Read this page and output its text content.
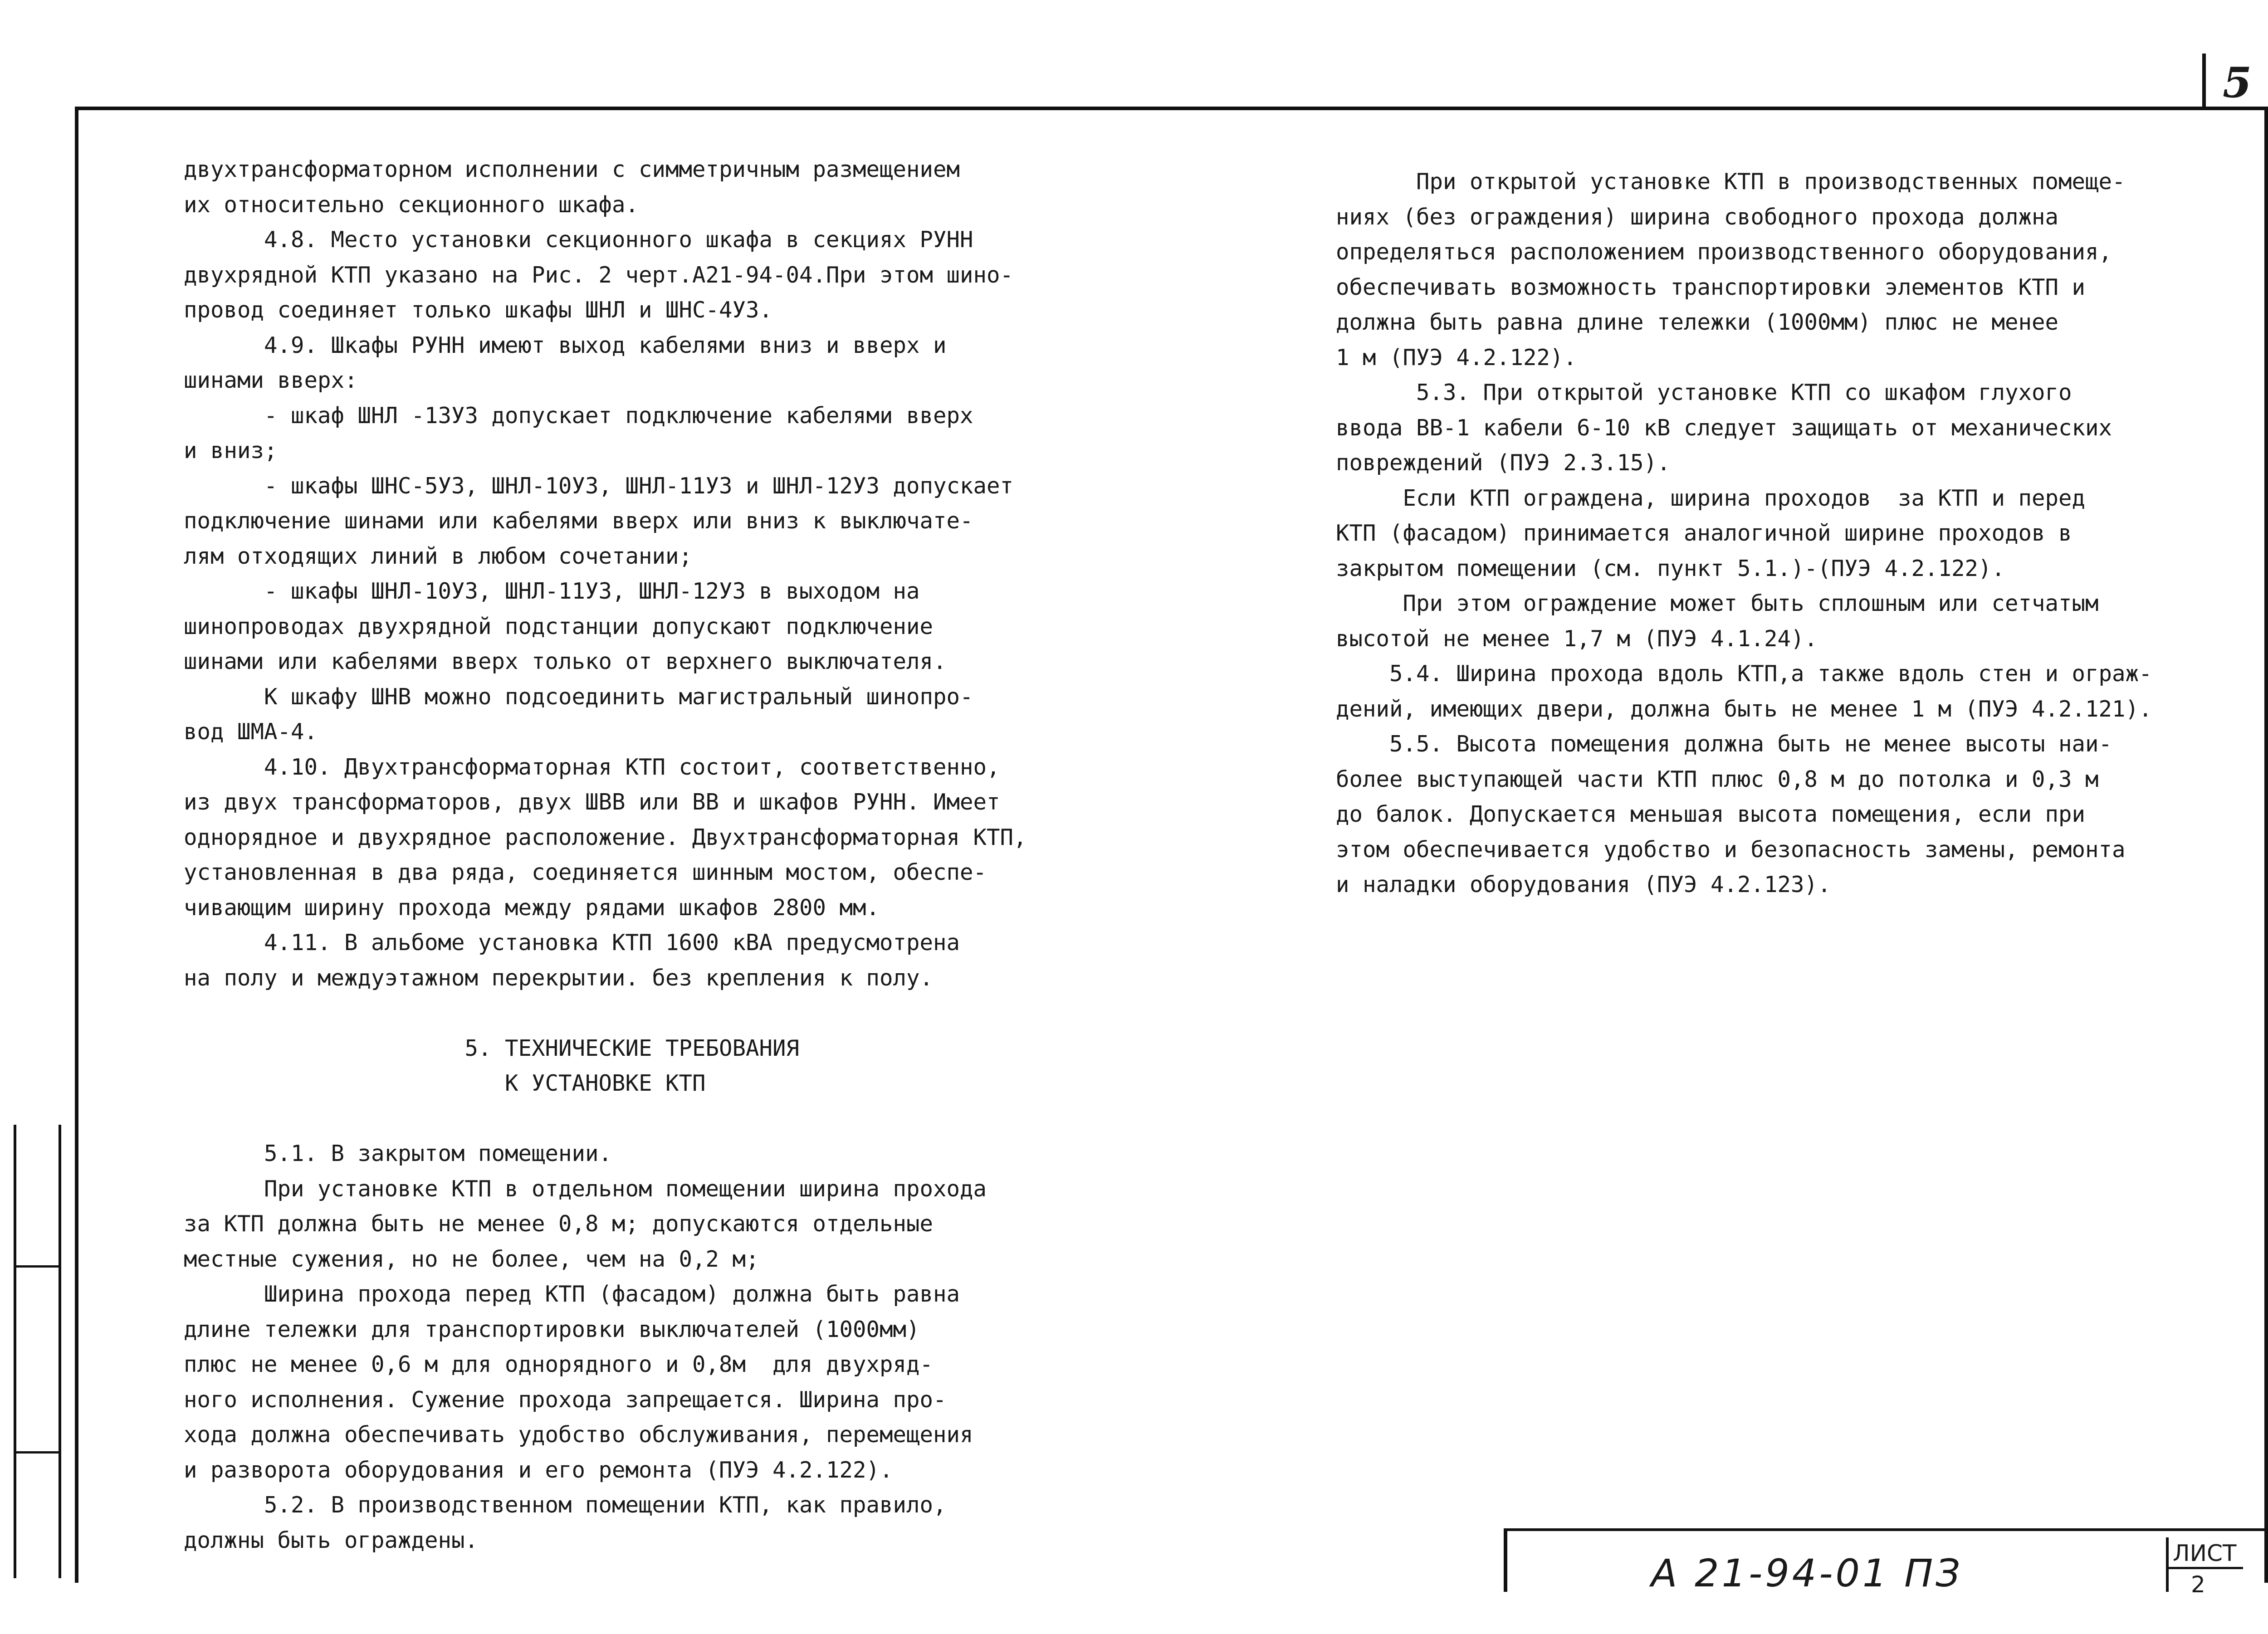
5

двухтрансформаторном исполнении с симметричным размещением

их относительно секционного шкафа.

4.8. Место установки секционного шкафа в секциях РУНН

двухрядной КТП указано на Рис. 2 черт.А21-94-04.При этом шино-

провод соединяет только шкафы ШНЛ и ШНС-4У3.

4.9. Шкафы РУНН имеют выход кабелями вниз и вверх и

шинами вверх:

- шкаф ШНЛ -13У3 допускает подключение кабелями вверх

и вниз;

- шкафы ШНС-5У3, ШНЛ-10У3, ШНЛ-11У3 и ШНЛ-12У3 допускает

подключение шинами или кабелями вверх или вниз к выключате-

лям отходящих линий в любом сочетании;

- шкафы ШНЛ-10У3, ШНЛ-11У3, ШНЛ-12У3 в выходом на

шинопроводах двухрядной подстанции допускают подключение

шинами или кабелями вверх только от верхнего выключателя.

К шкафу ШНВ можно подсоединить магистральный шинопро-

вод ШМА-4.

4.10. Двухтрансформаторная КТП состоит, соответственно,

из двух трансформаторов, двух ШВВ или ВВ и шкафов РУНН. Имеет

однорядное и двухрядное расположение. Двухтрансформаторная КТП,

установленная в два ряда, соединяется шинным мостом, обеспе-

чивающим ширину прохода между рядами шкафов 2800 мм.

4.11. В альбоме установка КТП 1600 кВА предусмотрена

на полу и междуэтажном перекрытии. без крепления к полу.

5. ТЕХНИЧЕСКИЕ ТРЕБОВАНИЯ

К УСТАНОВКЕ КТП

5.1. В закрытом помещении.

При установке КТП в отдельном помещении ширина прохода

за КТП должна быть не менее 0,8 м; допускаются отдельные

местные сужения, но не более, чем на 0,2 м;

Ширина прохода перед КТП (фасадом) должна быть равна

длине тележки для транспортировки выключателей (1000мм)

плюс не менее 0,6 м для однорядного и 0,8м  для двухряд-

ного исполнения. Сужение прохода запрещается. Ширина про-

хода должна обеспечивать удобство обслуживания, перемещения

и разворота оборудования и его ремонта (ПУЭ 4.2.122).

5.2. В производственном помещении КТП, как правило,

должны быть ограждены.

При открытой установке КТП в производственных помеще-

ниях (без ограждения) ширина свободного прохода должна

определяться расположением производственного оборудования,

обеспечивать возможность транспортировки элементов КТП и

должна быть равна длине тележки (1000мм) плюс не менее

1 м (ПУЭ 4.2.122).

5.3. При открытой установке КТП со шкафом глухого

ввода ВВ-1 кабели 6-10 кВ следует защищать от механических

повреждений (ПУЭ 2.3.15).

Если КТП ограждена, ширина проходов  за КТП и перед

КТП (фасадом) принимается аналогичной ширине проходов в

закрытом помещении (см. пункт 5.1.)-(ПУЭ 4.2.122).

При этом ограждение может быть сплошным или сетчатым

высотой не менее 1,7 м (ПУЭ 4.1.24).

5.4. Ширина прохода вдоль КТП,а также вдоль стен и ограж-

дений, имеющих двери, должна быть не менее 1 м (ПУЭ 4.2.121).

5.5. Высота помещения должна быть не менее высоты наи-

более выступающей части КТП плюс 0,8 м до потолка и 0,3 м

до балок. Допускается меньшая высота помещения, если при

этом обеспечивается удобство и безопасность замены, ремонта

и наладки оборудования (ПУЭ 4.2.123).

А 21-94-01 ПЗ	ЛИСТ
2
